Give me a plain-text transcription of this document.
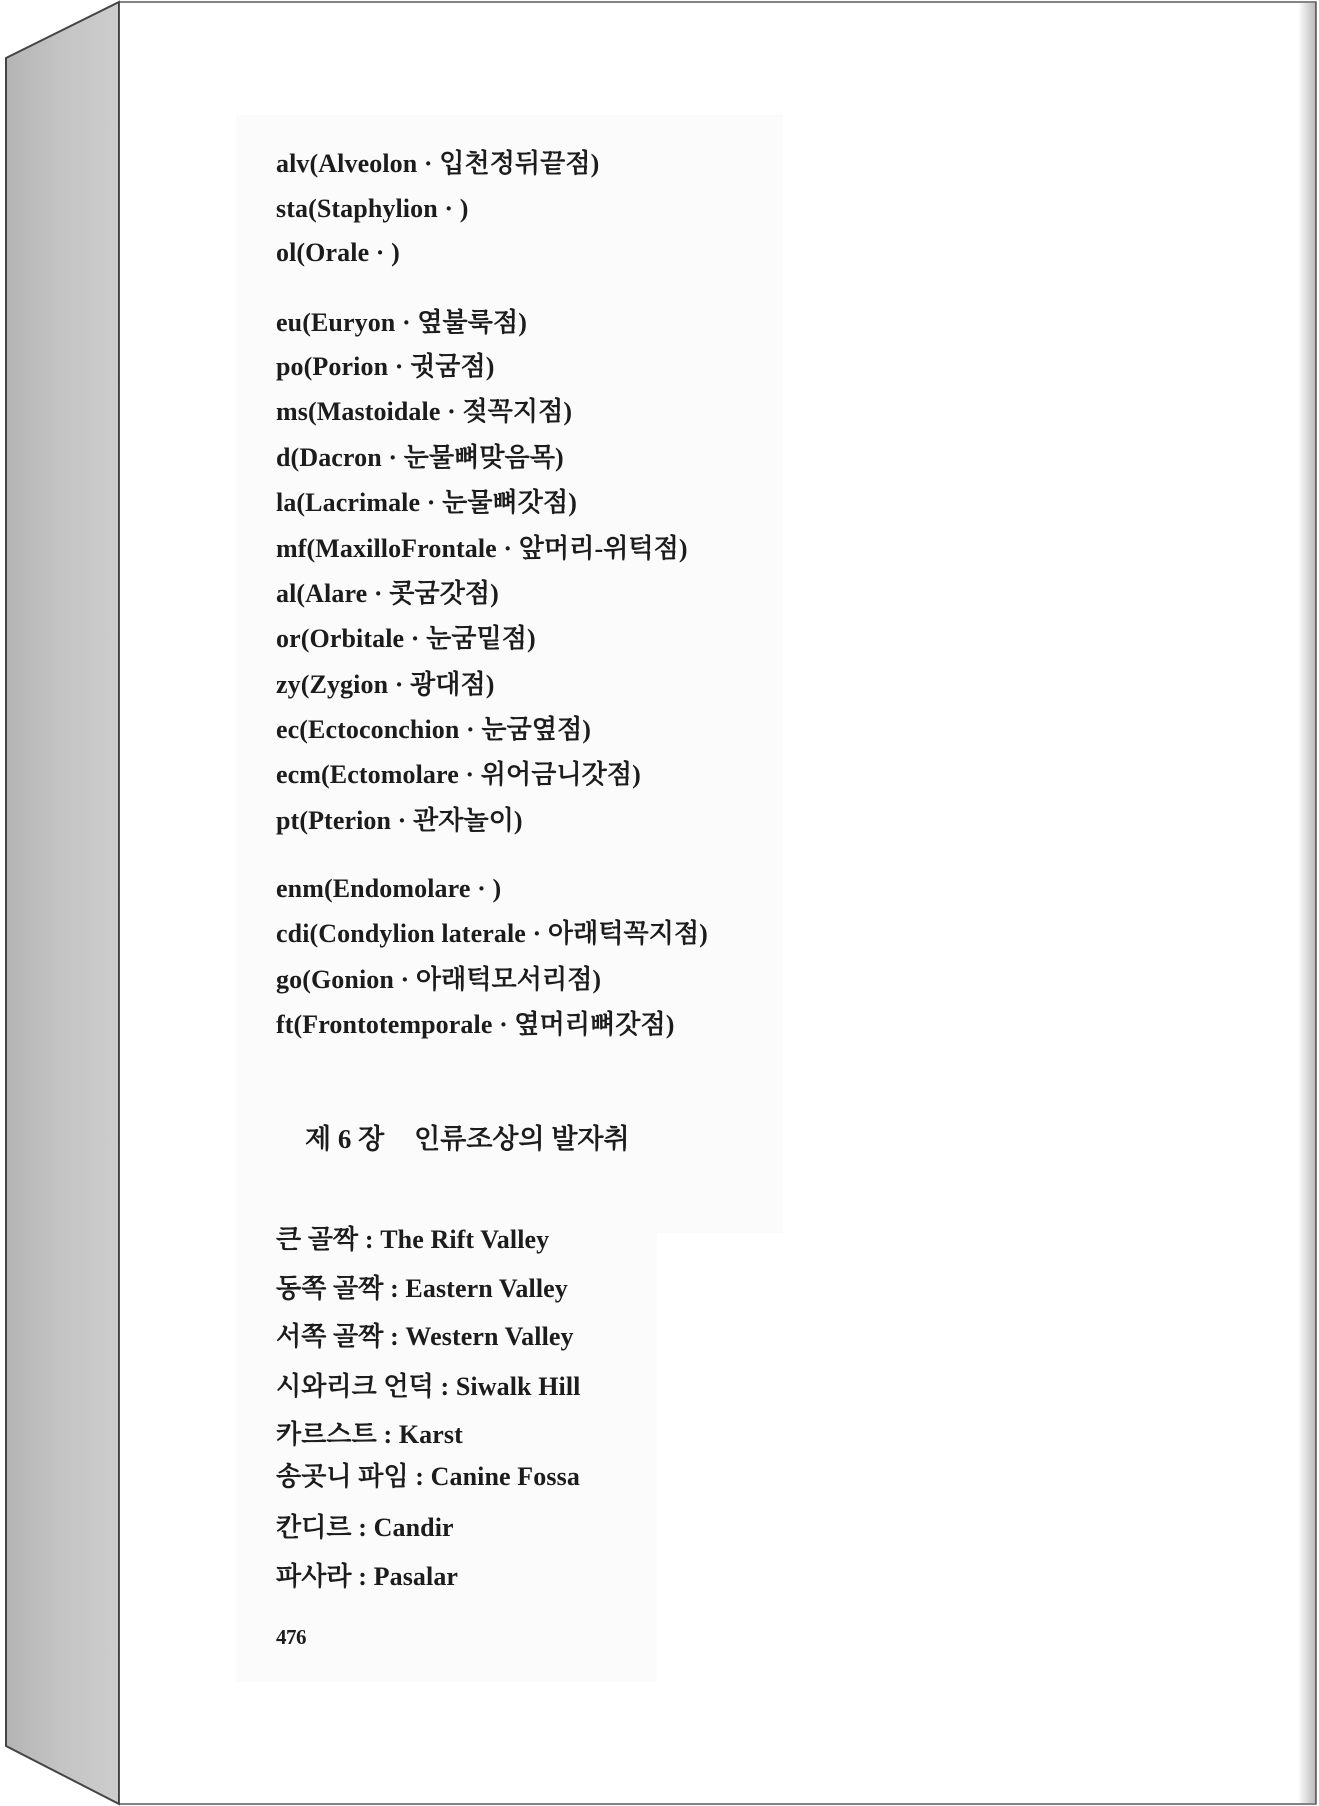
alv(Alveolon · 입천정뒤끝점)
sta(Staphylion · )
ol(Orale · )
eu(Euryon · 옆불룩점)
po(Porion · 귓굼점)
ms(Mastoidale · 젖꼭지점)
d(Dacron · 눈물뼈맞음목)
la(Lacrimale · 눈물뼈갓점)
mf(MaxilloFrontale · 앞머리-위턱점)
al(Alare · 콧굼갓점)
or(Orbitale · 눈굼밑점)
zy(Zygion · 광대점)
ec(Ectoconchion · 눈굼옆점)
ecm(Ectomolare · 위어금니갓점)
pt(Pterion · 관자놀이)
enm(Endomolare · )
cdi(Condylion laterale · 아래턱꼭지점)
go(Gonion · 아래턱모서리점)
ft(Frontotemporale · 옆머리뼈갓점)
제 6 장 인류조상의 발자취
큰 골짝 : The Rift Valley
동쪽 골짝 : Eastern Valley
서쪽 골짝 : Western Valley
시와리크 언덕 : Siwalk Hill
카르스트 : Karst
송곳니 파임 : Canine Fossa
칸디르 : Candir
파사라 : Pasalar
476
